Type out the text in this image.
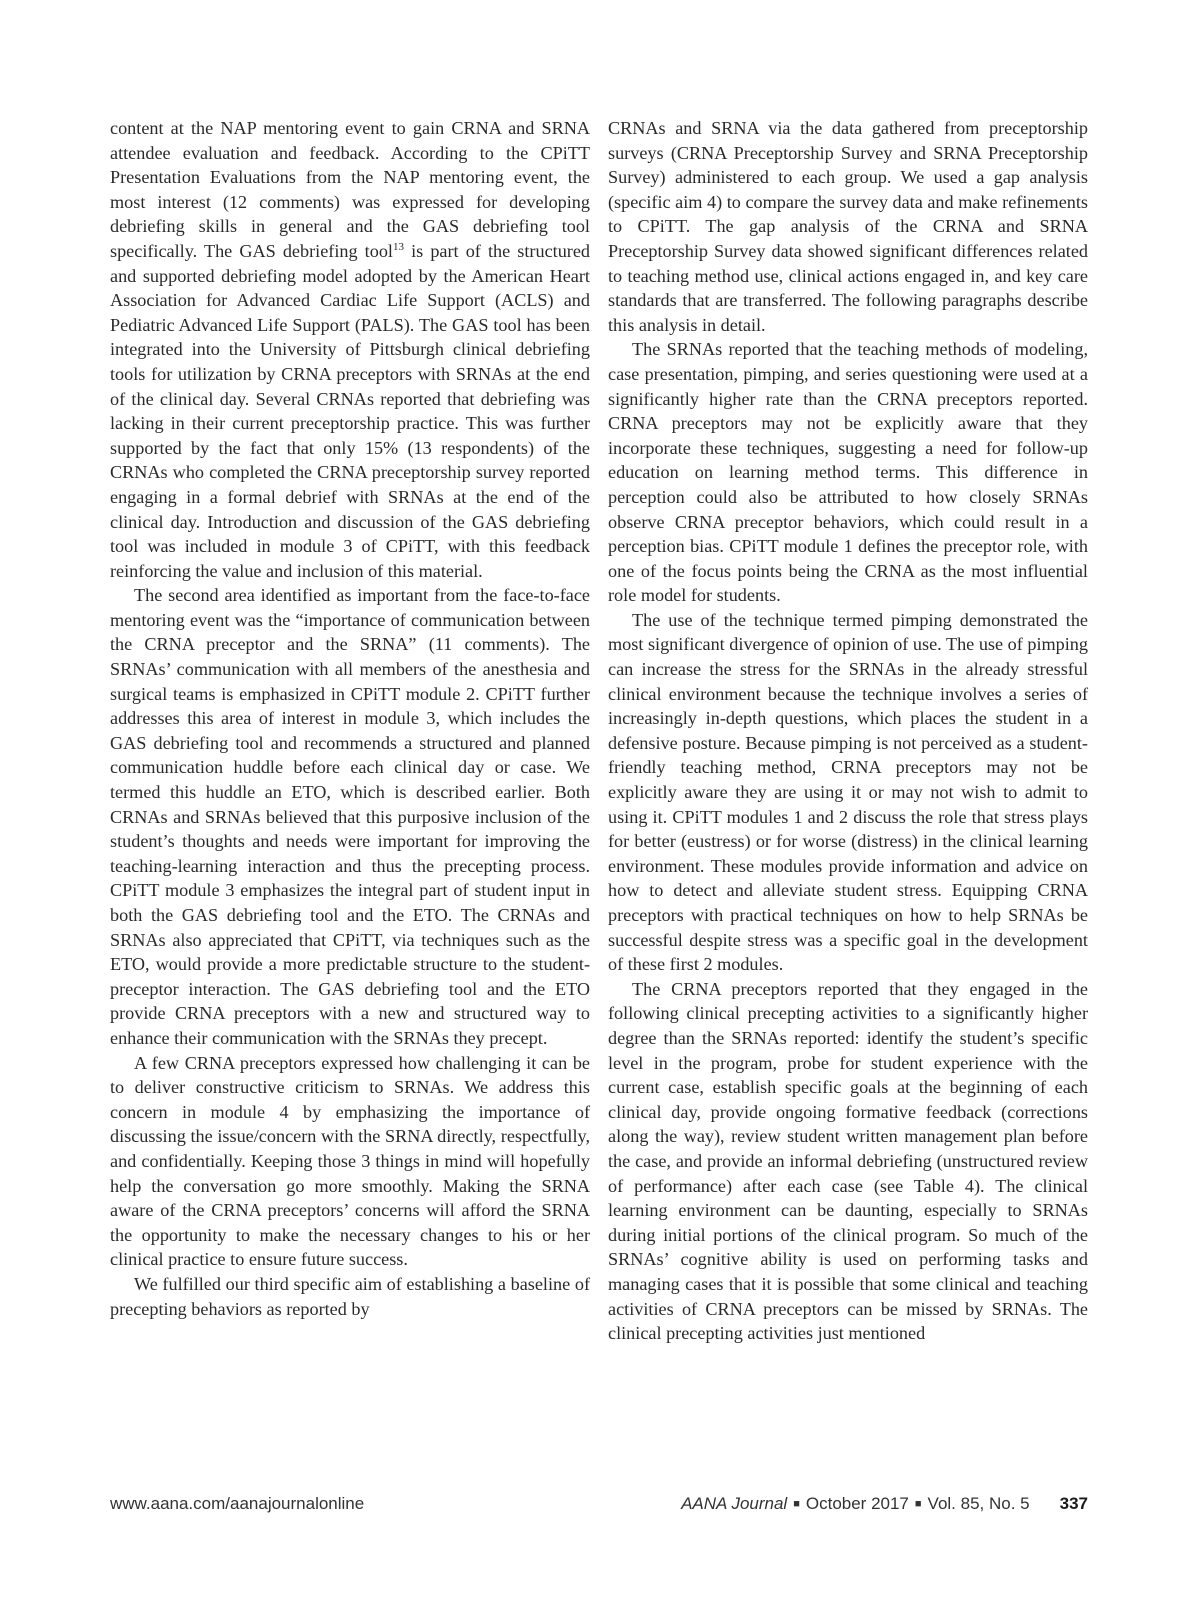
content at the NAP mentoring event to gain CRNA and SRNA attendee evaluation and feedback. According to the CPiTT Presentation Evaluations from the NAP mentoring event, the most interest (12 comments) was expressed for developing debriefing skills in general and the GAS debriefing tool specifically. The GAS debriefing tool$^{13}$ is part of the structured and supported debriefing model adopted by the American Heart Association for Advanced Cardiac Life Support (ACLS) and Pediatric Advanced Life Support (PALS). The GAS tool has been integrated into the University of Pittsburgh clinical debriefing tools for utilization by CRNA preceptors with SRNAs at the end of the clinical day. Several CRNAs reported that debriefing was lacking in their current preceptorship practice. This was further supported by the fact that only 15% (13 respondents) of the CRNAs who completed the CRNA preceptorship survey reported engaging in a formal debrief with SRNAs at the end of the clinical day. Introduction and discussion of the GAS debriefing tool was included in module 3 of CPiTT, with this feedback reinforcing the value and inclusion of this material.

The second area identified as important from the face-to-face mentoring event was the “importance of communication between the CRNA preceptor and the SRNA” (11 comments). The SRNAs’ communication with all members of the anesthesia and surgical teams is emphasized in CPiTT module 2. CPiTT further addresses this area of interest in module 3, which includes the GAS debriefing tool and recommends a structured and planned communication huddle before each clinical day or case. We termed this huddle an ETO, which is described earlier. Both CRNAs and SRNAs believed that this purposive inclusion of the student’s thoughts and needs were important for improving the teaching-learning interaction and thus the precepting process. CPiTT module 3 emphasizes the integral part of student input in both the GAS debriefing tool and the ETO. The CRNAs and SRNAs also appreciated that CPiTT, via techniques such as the ETO, would provide a more predictable structure to the student-preceptor interaction. The GAS debriefing tool and the ETO provide CRNA preceptors with a new and structured way to enhance their communication with the SRNAs they precept.

A few CRNA preceptors expressed how challenging it can be to deliver constructive criticism to SRNAs. We address this concern in module 4 by emphasizing the importance of discussing the issue/concern with the SRNA directly, respectfully, and confidentially. Keeping those 3 things in mind will hopefully help the conversation go more smoothly. Making the SRNA aware of the CRNA preceptors’ concerns will afford the SRNA the opportunity to make the necessary changes to his or her clinical practice to ensure future success.

We fulfilled our third specific aim of establishing a baseline of precepting behaviors as reported by

CRNAs and SRNA via the data gathered from preceptorship surveys (CRNA Preceptorship Survey and SRNA Preceptorship Survey) administered to each group. We used a gap analysis (specific aim 4) to compare the survey data and make refinements to CPiTT. The gap analysis of the CRNA and SRNA Preceptorship Survey data showed significant differences related to teaching method use, clinical actions engaged in, and key care standards that are transferred. The following paragraphs describe this analysis in detail.

The SRNAs reported that the teaching methods of modeling, case presentation, pimping, and series questioning were used at a significantly higher rate than the CRNA preceptors reported. CRNA preceptors may not be explicitly aware that they incorporate these techniques, suggesting a need for follow-up education on learning method terms. This difference in perception could also be attributed to how closely SRNAs observe CRNA preceptor behaviors, which could result in a perception bias. CPiTT module 1 defines the preceptor role, with one of the focus points being the CRNA as the most influential role model for students.

The use of the technique termed pimping demonstrated the most significant divergence of opinion of use. The use of pimping can increase the stress for the SRNAs in the already stressful clinical environment because the technique involves a series of increasingly in-depth questions, which places the student in a defensive posture. Because pimping is not perceived as a student-friendly teaching method, CRNA preceptors may not be explicitly aware they are using it or may not wish to admit to using it. CPiTT modules 1 and 2 discuss the role that stress plays for better (eustress) or for worse (distress) in the clinical learning environment. These modules provide information and advice on how to detect and alleviate student stress. Equipping CRNA preceptors with practical techniques on how to help SRNAs be successful despite stress was a specific goal in the development of these first 2 modules.

The CRNA preceptors reported that they engaged in the following clinical precepting activities to a significantly higher degree than the SRNAs reported: identify the student’s specific level in the program, probe for student experience with the current case, establish specific goals at the beginning of each clinical day, provide ongoing formative feedback (corrections along the way), review student written management plan before the case, and provide an informal debriefing (unstructured review of performance) after each case (see Table 4). The clinical learning environment can be daunting, especially to SRNAs during initial portions of the clinical program. So much of the SRNAs’ cognitive ability is used on performing tasks and managing cases that it is possible that some clinical and teaching activities of CRNA preceptors can be missed by SRNAs. The clinical precepting activities just mentioned

www.aana.com/aanajournalonline	AANA Journal ■ October 2017 ■ Vol. 85, No. 5 337
